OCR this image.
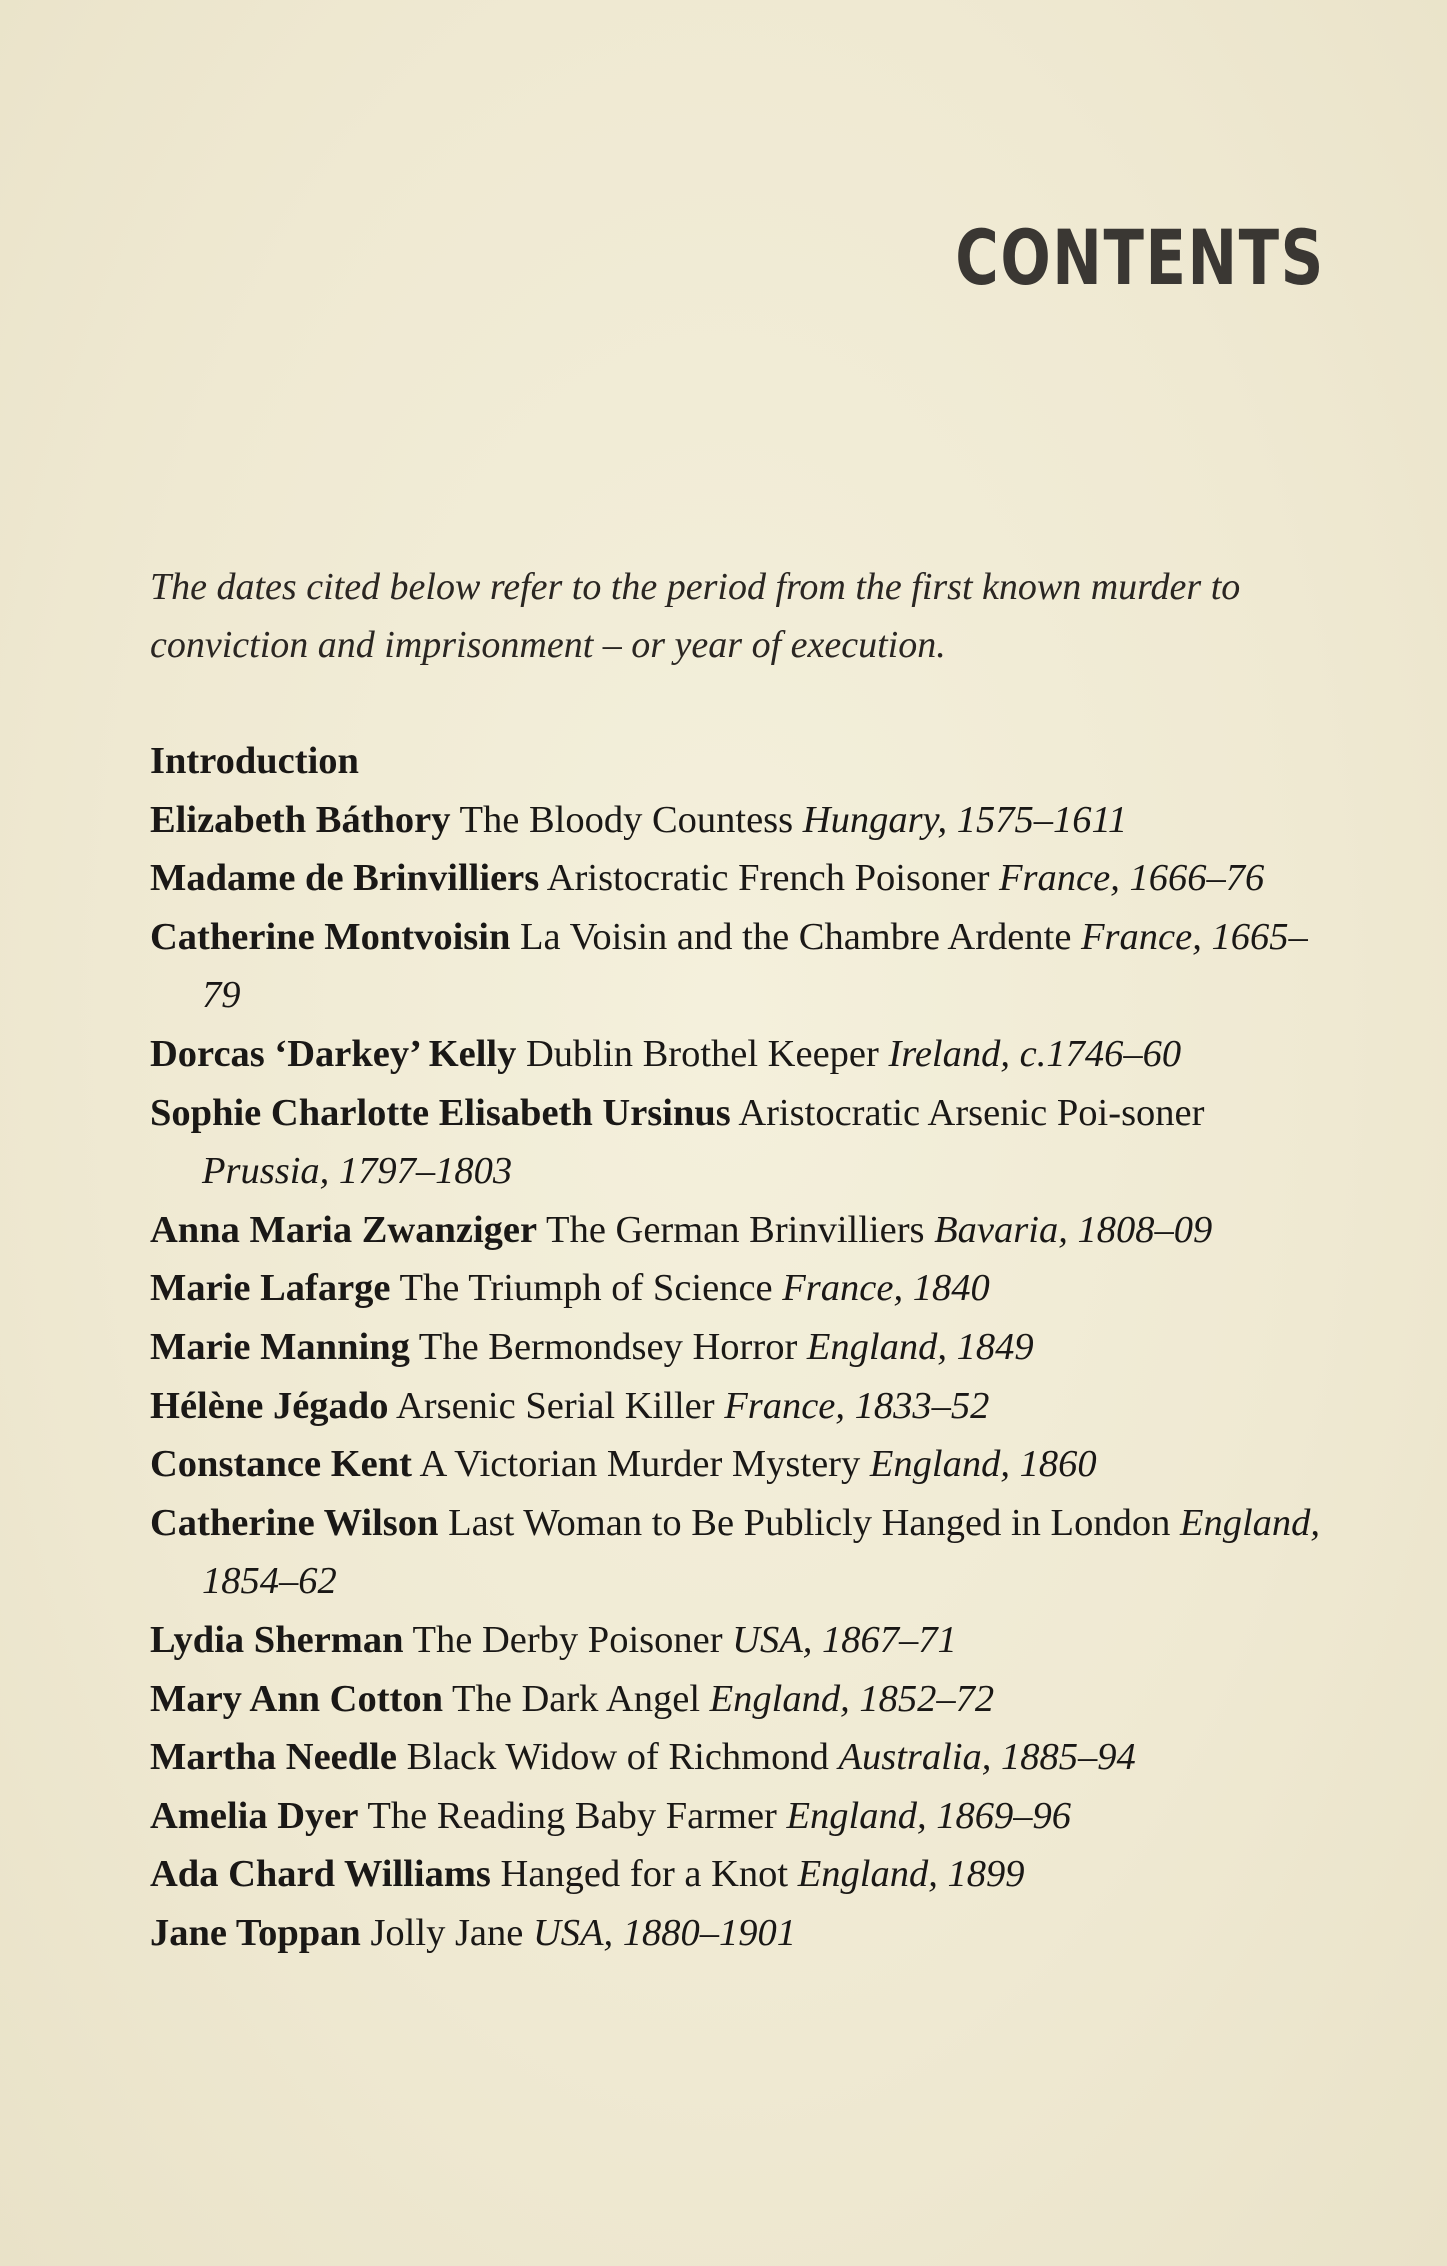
CONTENTS

The dates cited below refer to the period from the first known murder to conviction and imprisonment – or year of execution.

Introduction
Elizabeth Báthory The Bloody Countess Hungary, 1575–1611
Madame de Brinvilliers Aristocratic French Poisoner France, 1666–76
Catherine Montvoisin La Voisin and the Chambre Ardente France, 1665–79
Dorcas ‘Darkey’ Kelly Dublin Brothel Keeper Ireland, c.1746–60
Sophie Charlotte Elisabeth Ursinus Aristocratic Arsenic Poi-soner Prussia, 1797–1803
Anna Maria Zwanziger The German Brinvilliers Bavaria, 1808–09
Marie Lafarge The Triumph of Science France, 1840
Marie Manning The Bermondsey Horror England, 1849
Hélène Jégado Arsenic Serial Killer France, 1833–52
Constance Kent A Victorian Murder Mystery England, 1860
Catherine Wilson Last Woman to Be Publicly Hanged in London England, 1854–62
Lydia Sherman The Derby Poisoner USA, 1867–71
Mary Ann Cotton The Dark Angel England, 1852–72
Martha Needle Black Widow of Richmond Australia, 1885–94
Amelia Dyer The Reading Baby Farmer England, 1869–96
Ada Chard Williams Hanged for a Knot England, 1899
Jane Toppan Jolly Jane USA, 1880–1901
